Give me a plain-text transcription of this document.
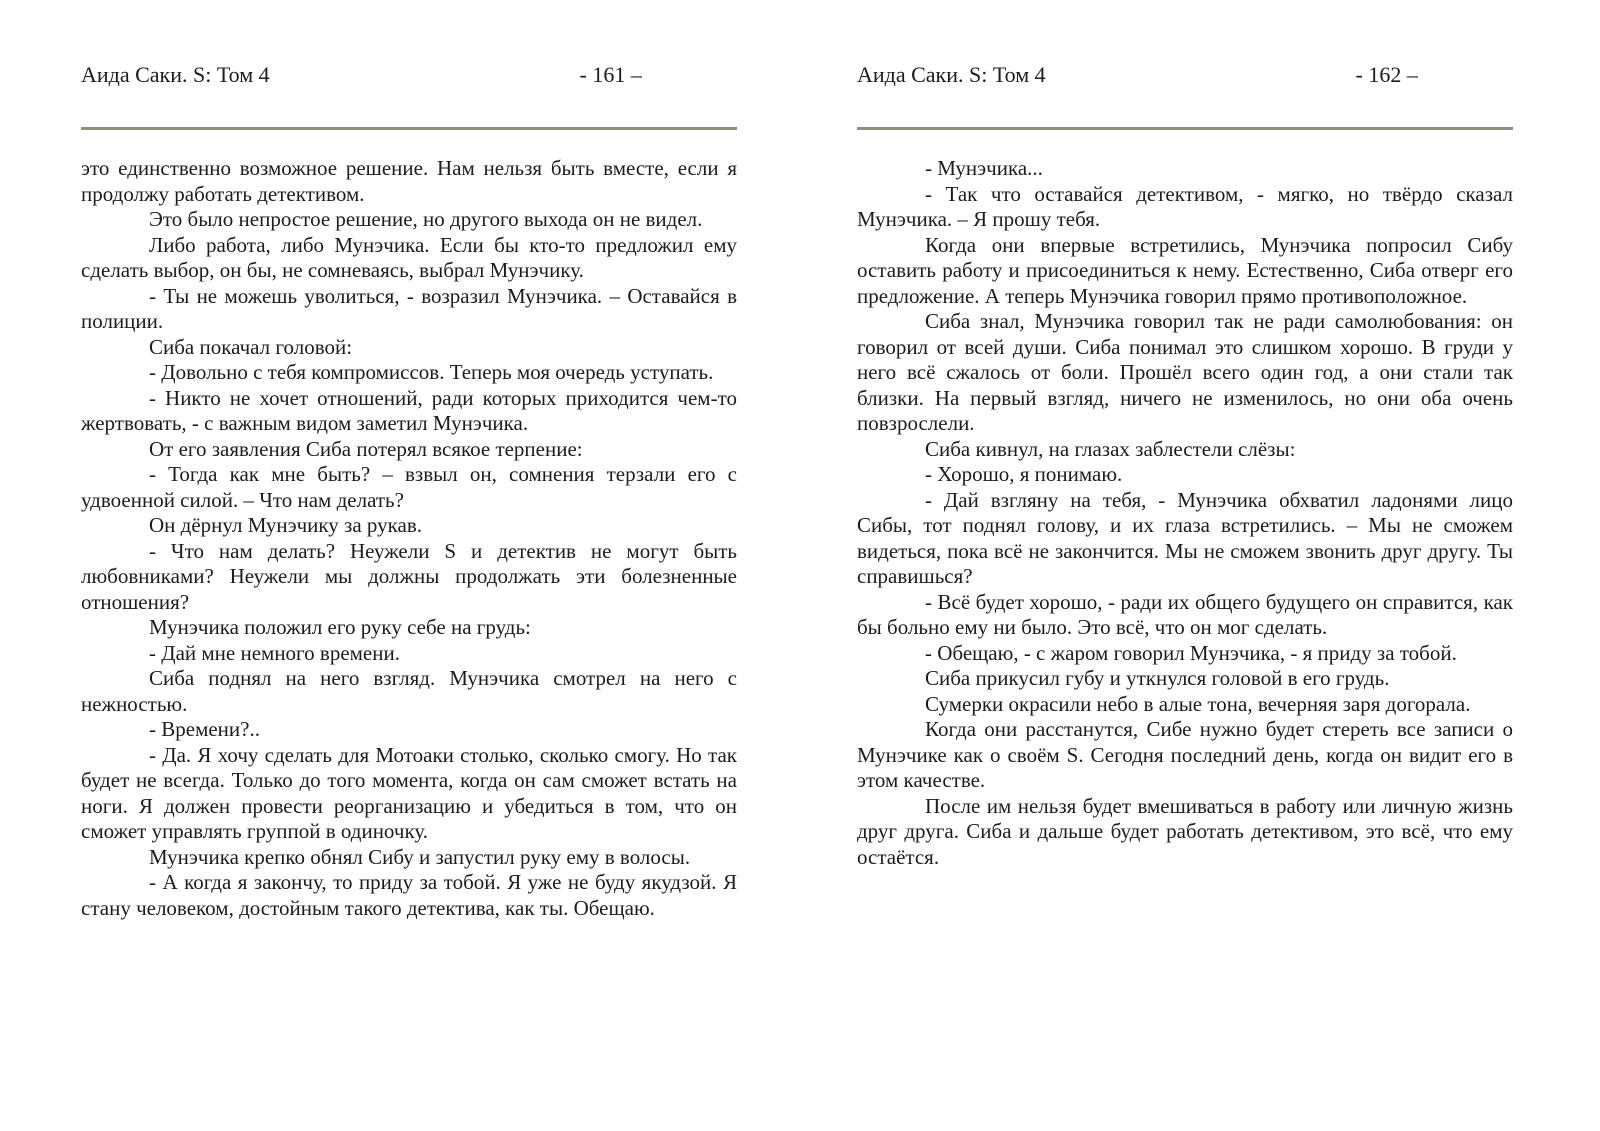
Аида Саки. S: Том 4	- 161 –

это единственно возможное решение. Нам нельзя быть вместе, если я продолжу работать детективом.

Это было непростое решение, но другого выхода он не видел.

Либо работа, либо Мунэчика. Если бы кто-то предложил ему сделать выбор, он бы, не сомневаясь, выбрал Мунэчику.

- Ты не можешь уволиться, - возразил Мунэчика. – Оставайся в полиции.

Сиба покачал головой:

- Довольно с тебя компромиссов. Теперь моя очередь уступать.

- Никто не хочет отношений, ради которых приходится чем-то жертвовать, - с важным видом заметил Мунэчика.

От его заявления Сиба потерял всякое терпение:

- Тогда как мне быть? – взвыл он, сомнения терзали его с удвоенной силой. – Что нам делать?

Он дёрнул Мунэчику за рукав.

- Что нам делать? Неужели S и детектив не могут быть любовниками? Неужели мы должны продолжать эти болезненные отношения?

Мунэчика положил его руку себе на грудь:

- Дай мне немного времени.

Сиба поднял на него взгляд. Мунэчика смотрел на него с нежностью.

- Времени?..

- Да. Я хочу сделать для Мотоаки столько, сколько смогу. Но так будет не всегда. Только до того момента, когда он сам сможет встать на ноги. Я должен провести реорганизацию и убедиться в том, что он сможет управлять группой в одиночку.

Мунэчика крепко обнял Сибу и запустил руку ему в волосы.

- А когда я закончу, то приду за тобой. Я уже не буду якудзой. Я стану человеком, достойным такого детектива, как ты. Обещаю.

Аида Саки. S: Том 4	- 162 –

- Мунэчика...

- Так что оставайся детективом, - мягко, но твёрдо сказал Мунэчика. – Я прошу тебя.

Когда они впервые встретились, Мунэчика попросил Сибу оставить работу и присоединиться к нему. Естественно, Сиба отверг его предложение. А теперь Мунэчика говорил прямо противоположное.

Сиба знал, Мунэчика говорил так не ради самолюбования: он говорил от всей души. Сиба понимал это слишком хорошо. В груди у него всё сжалось от боли. Прошёл всего один год, а они стали так близки. На первый взгляд, ничего не изменилось, но они оба очень повзрослели.

Сиба кивнул, на глазах заблестели слёзы:

- Хорошо, я понимаю.

- Дай взгляну на тебя, - Мунэчика обхватил ладонями лицо Сибы, тот поднял голову, и их глаза встретились. – Мы не сможем видеться, пока всё не закончится. Мы не сможем звонить друг другу. Ты справишься?

- Всё будет хорошо, - ради их общего будущего он справится, как бы больно ему ни было. Это всё, что он мог сделать.

- Обещаю, - с жаром говорил Мунэчика, - я приду за тобой.

Сиба прикусил губу и уткнулся головой в его грудь.

Сумерки окрасили небо в алые тона, вечерняя заря догорала.

Когда они расстанутся, Сибе нужно будет стереть все записи о Мунэчике как о своём S. Сегодня последний день, когда он видит его в этом качестве.

После им нельзя будет вмешиваться в работу или личную жизнь друг друга. Сиба и дальше будет работать детективом, это всё, что ему остаётся.
